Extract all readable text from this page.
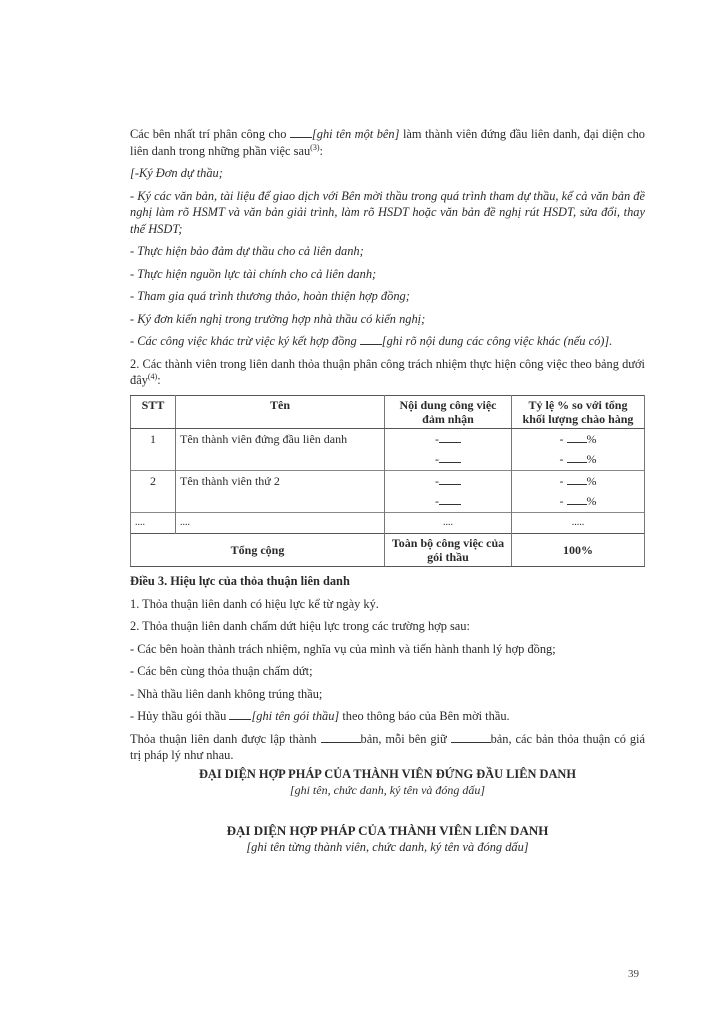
Các bên nhất trí phân công cho [ghi tên một bên] làm thành viên đứng đầu liên danh, đại diện cho liên danh trong những phần việc sau$^{(3)}$:

[-Ký Đơn dự thầu;

- Ký các văn bản, tài liệu để giao dịch với Bên mời thầu trong quá trình tham dự thầu, kể cả văn bản đề nghị làm rõ HSMT và văn bản giải trình, làm rõ HSDT hoặc văn bản đề nghị rút HSDT, sửa đổi, thay thế HSDT;

- Thực hiện bảo đảm dự thầu cho cả liên danh;

- Thực hiện nguồn lực tài chính cho cả liên danh;

- Tham gia quá trình thương thảo, hoàn thiện hợp đồng;

- Ký đơn kiến nghị trong trường hợp nhà thầu có kiến nghị;

- Các công việc khác trừ việc ký kết hợp đồng [ghi rõ nội dung các công việc khác (nếu có)].

2. Các thành viên trong liên danh thỏa thuận phân công trách nhiệm thực hiện công việc theo bảng dưới đây$^{(4)}$:

STT	Tên	Nội dung công việc đảm nhận	Tỷ lệ % so với tổng khối lượng chào hàng
1	Tên thành viên đứng đầu liên danh	-	- %
		-	- %
2	Tên thành viên thứ 2	-	- %
		-	- %
....	....	....	.....
Tổng cộng		Toàn bộ công việc của gói thầu	100%

Điều 3. Hiệu lực của thỏa thuận liên danh

1. Thỏa thuận liên danh có hiệu lực kể từ ngày ký.

2. Thỏa thuận liên danh chấm dứt hiệu lực trong các trường hợp sau:

- Các bên hoàn thành trách nhiệm, nghĩa vụ của mình và tiến hành thanh lý hợp đồng;

- Các bên cùng thỏa thuận chấm dứt;

- Nhà thầu liên danh không trúng thầu;

- Hủy thầu gói thầu [ghi tên gói thầu] theo thông báo của Bên mời thầu.

Thỏa thuận liên danh được lập thành	bản, mỗi bên giữ	bản, các bản thỏa thuận có giá trị pháp lý như nhau.

ĐẠI DIỆN HỢP PHÁP CỦA THÀNH VIÊN ĐỨNG ĐẦU LIÊN DANH

[ghi tên, chức danh, ký tên và đóng dấu]

ĐẠI DIỆN HỢP PHÁP CỦA THÀNH VIÊN LIÊN DANH

[ghi tên từng thành viên, chức danh, ký tên và đóng dấu]

39
